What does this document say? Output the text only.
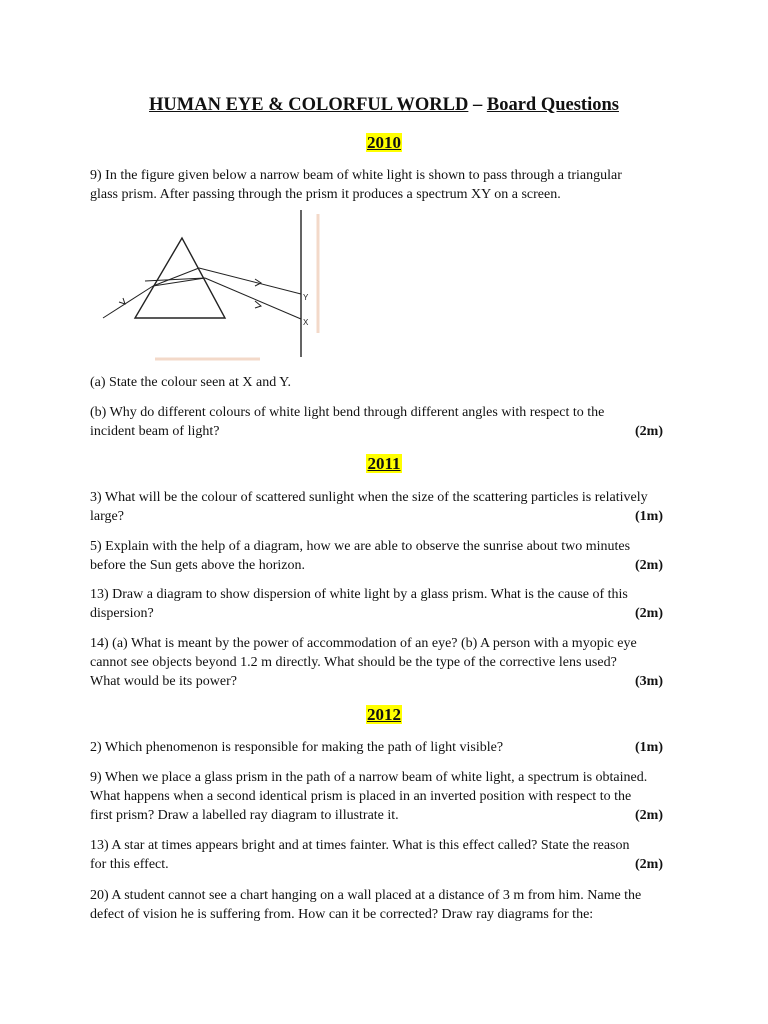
HUMAN EYE & COLORFUL WORLD – Board Questions
2010
9) In the figure given below a narrow beam of white light is shown to pass through a triangular
glass prism. After passing through the prism it produces a spectrum XY on a screen.
Y
X
(a) State the colour seen at X and Y.
(b) Why do different colours of white light bend through different angles with respect to the
incident beam of light?	(2m)
2011
3) What will be the colour of scattered sunlight when the size of the scattering particles is relatively
large?	(1m)
5) Explain with the help of a diagram, how we are able to observe the sunrise about two minutes
before the Sun gets above the horizon.	(2m)
13) Draw a diagram to show dispersion of white light by a glass prism. What is the cause of this
dispersion?	(2m)
14) (a) What is meant by the power of accommodation of an eye? (b) A person with a myopic eye
cannot see objects beyond 1.2 m directly. What should be the type of the corrective lens used?
What would be its power?	(3m)
2012
2) Which phenomenon is responsible for making the path of light visible?	(1m)
9) When we place a glass prism in the path of a narrow beam of white light, a spectrum is obtained.
What happens when a second identical prism is placed in an inverted position with respect to the
first prism? Draw a labelled ray diagram to illustrate it.	(2m)
13) A star at times appears bright and at times fainter. What is this effect called? State the reason
for this effect.	(2m)
20) A student cannot see a chart hanging on a wall placed at a distance of 3 m from him. Name the
defect of vision he is suffering from. How can it be corrected? Draw ray diagrams for the:
